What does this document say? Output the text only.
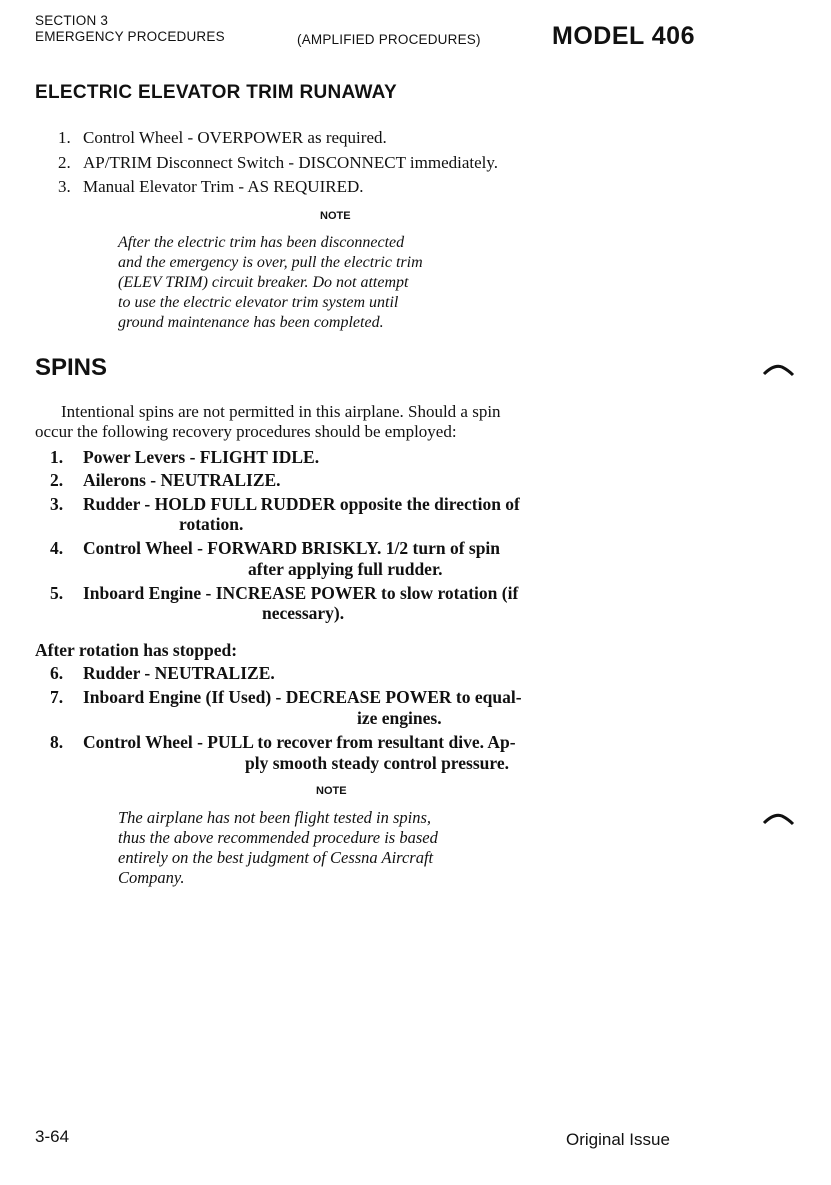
SECTION 3
EMERGENCY PROCEDURES	(AMPLIFIED PROCEDURES)	MODEL 406
ELECTRIC ELEVATOR TRIM RUNAWAY
1. Control Wheel - OVERPOWER as required.
2. AP/TRIM Disconnect Switch - DISCONNECT immediately.
3. Manual Elevator Trim - AS REQUIRED.
NOTE
After the electric trim has been disconnected
and the emergency is over, pull the electric trim
(ELEV TRIM) circuit breaker. Do not attempt
to use the electric elevator trim system until
ground maintenance has been completed.
SPINS
Intentional spins are not permitted in this airplane. Should a spin
occur the following recovery procedures should be employed:
1. Power Levers - FLIGHT IDLE.
2. Ailerons - NEUTRALIZE.
3. Rudder - HOLD FULL RUDDER opposite the direction of
rotation.
4. Control Wheel - FORWARD BRISKLY. 1/2 turn of spin
after applying full rudder.
5. Inboard Engine - INCREASE POWER to slow rotation (if
necessary).
After rotation has stopped:
6. Rudder - NEUTRALIZE.
7. Inboard Engine (If Used) - DECREASE POWER to equal-
ize engines.
8. Control Wheel - PULL to recover from resultant dive. Ap-
ply smooth steady control pressure.
NOTE
The airplane has not been flight tested in spins,
thus the above recommended procedure is based
entirely on the best judgment of Cessna Aircraft
Company.
3-64	Original Issue
